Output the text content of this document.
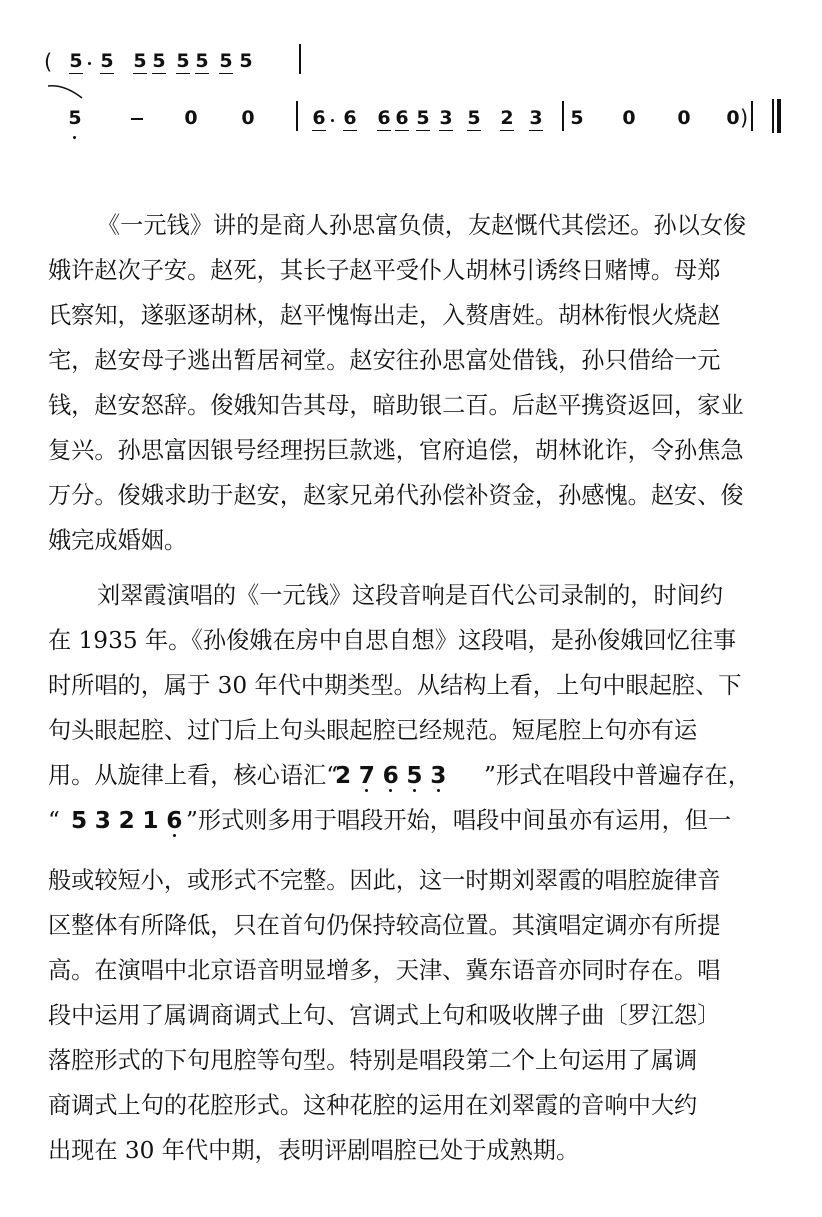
( 5 5 5 5 5 5 5 5
5	0 0	6 6 6 6 5 3 5 2 3 5 0 0 0 )
《一元钱》讲的是商人孙思富负债，友赵慨代其偿还。孙以女俊
娥许赵次子安。赵死，其长子赵平受仆人胡林引诱终日赌博。母郑
氏察知，遂驱逐胡林，赵平愧悔出走，入赘唐姓。胡林衔恨火烧赵
宅，赵安母子逃出暂居祠堂。赵安往孙思富处借钱，孙只借给一元
钱，赵安怒辞。俊娥知告其母，暗助银二百。后赵平携资返回，家业
复兴。孙思富因银号经理拐巨款逃，官府追偿，胡林讹诈，令孙焦急
万分。俊娥求助于赵安，赵家兄弟代孙偿补资金，孙感愧。赵安、俊
娥完成婚姻。
刘翠霞演唱的《一元钱》这段音响是百代公司录制的，时间约
在 1935 年。《孙俊娥在房中自思自想》这段唱，是孙俊娥回忆往事
时所唱的，属于 30 年代中期类型。从结构上看，上句中眼起腔、下
句头眼起腔、过门后上句头眼起腔已经规范。短尾腔上句亦有运
用。从旋律上看，核心语汇“
2  7  6  5  3 ”形式在唱段中普遍存在，
“ 5  3  2  1  6 ”形式则多用于唱段开始，唱段中间虽亦有运用，但一
般或较短小，或形式不完整。因此，这一时期刘翠霞的唱腔旋律音
区整体有所降低，只在首句仍保持较高位置。其演唱定调亦有所提
高。在演唱中北京语音明显增多，天津、冀东语音亦同时存在。唱
段中运用了属调商调式上句、宫调式上句和吸收牌子曲〔罗江怨〕
落腔形式的下句甩腔等句型。特别是唱段第二个上句运用了属调
商调式上句的花腔形式。这种花腔的运用在刘翠霞的音响中大约
出现在 30 年代中期，表明评剧唱腔已处于成熟期。
